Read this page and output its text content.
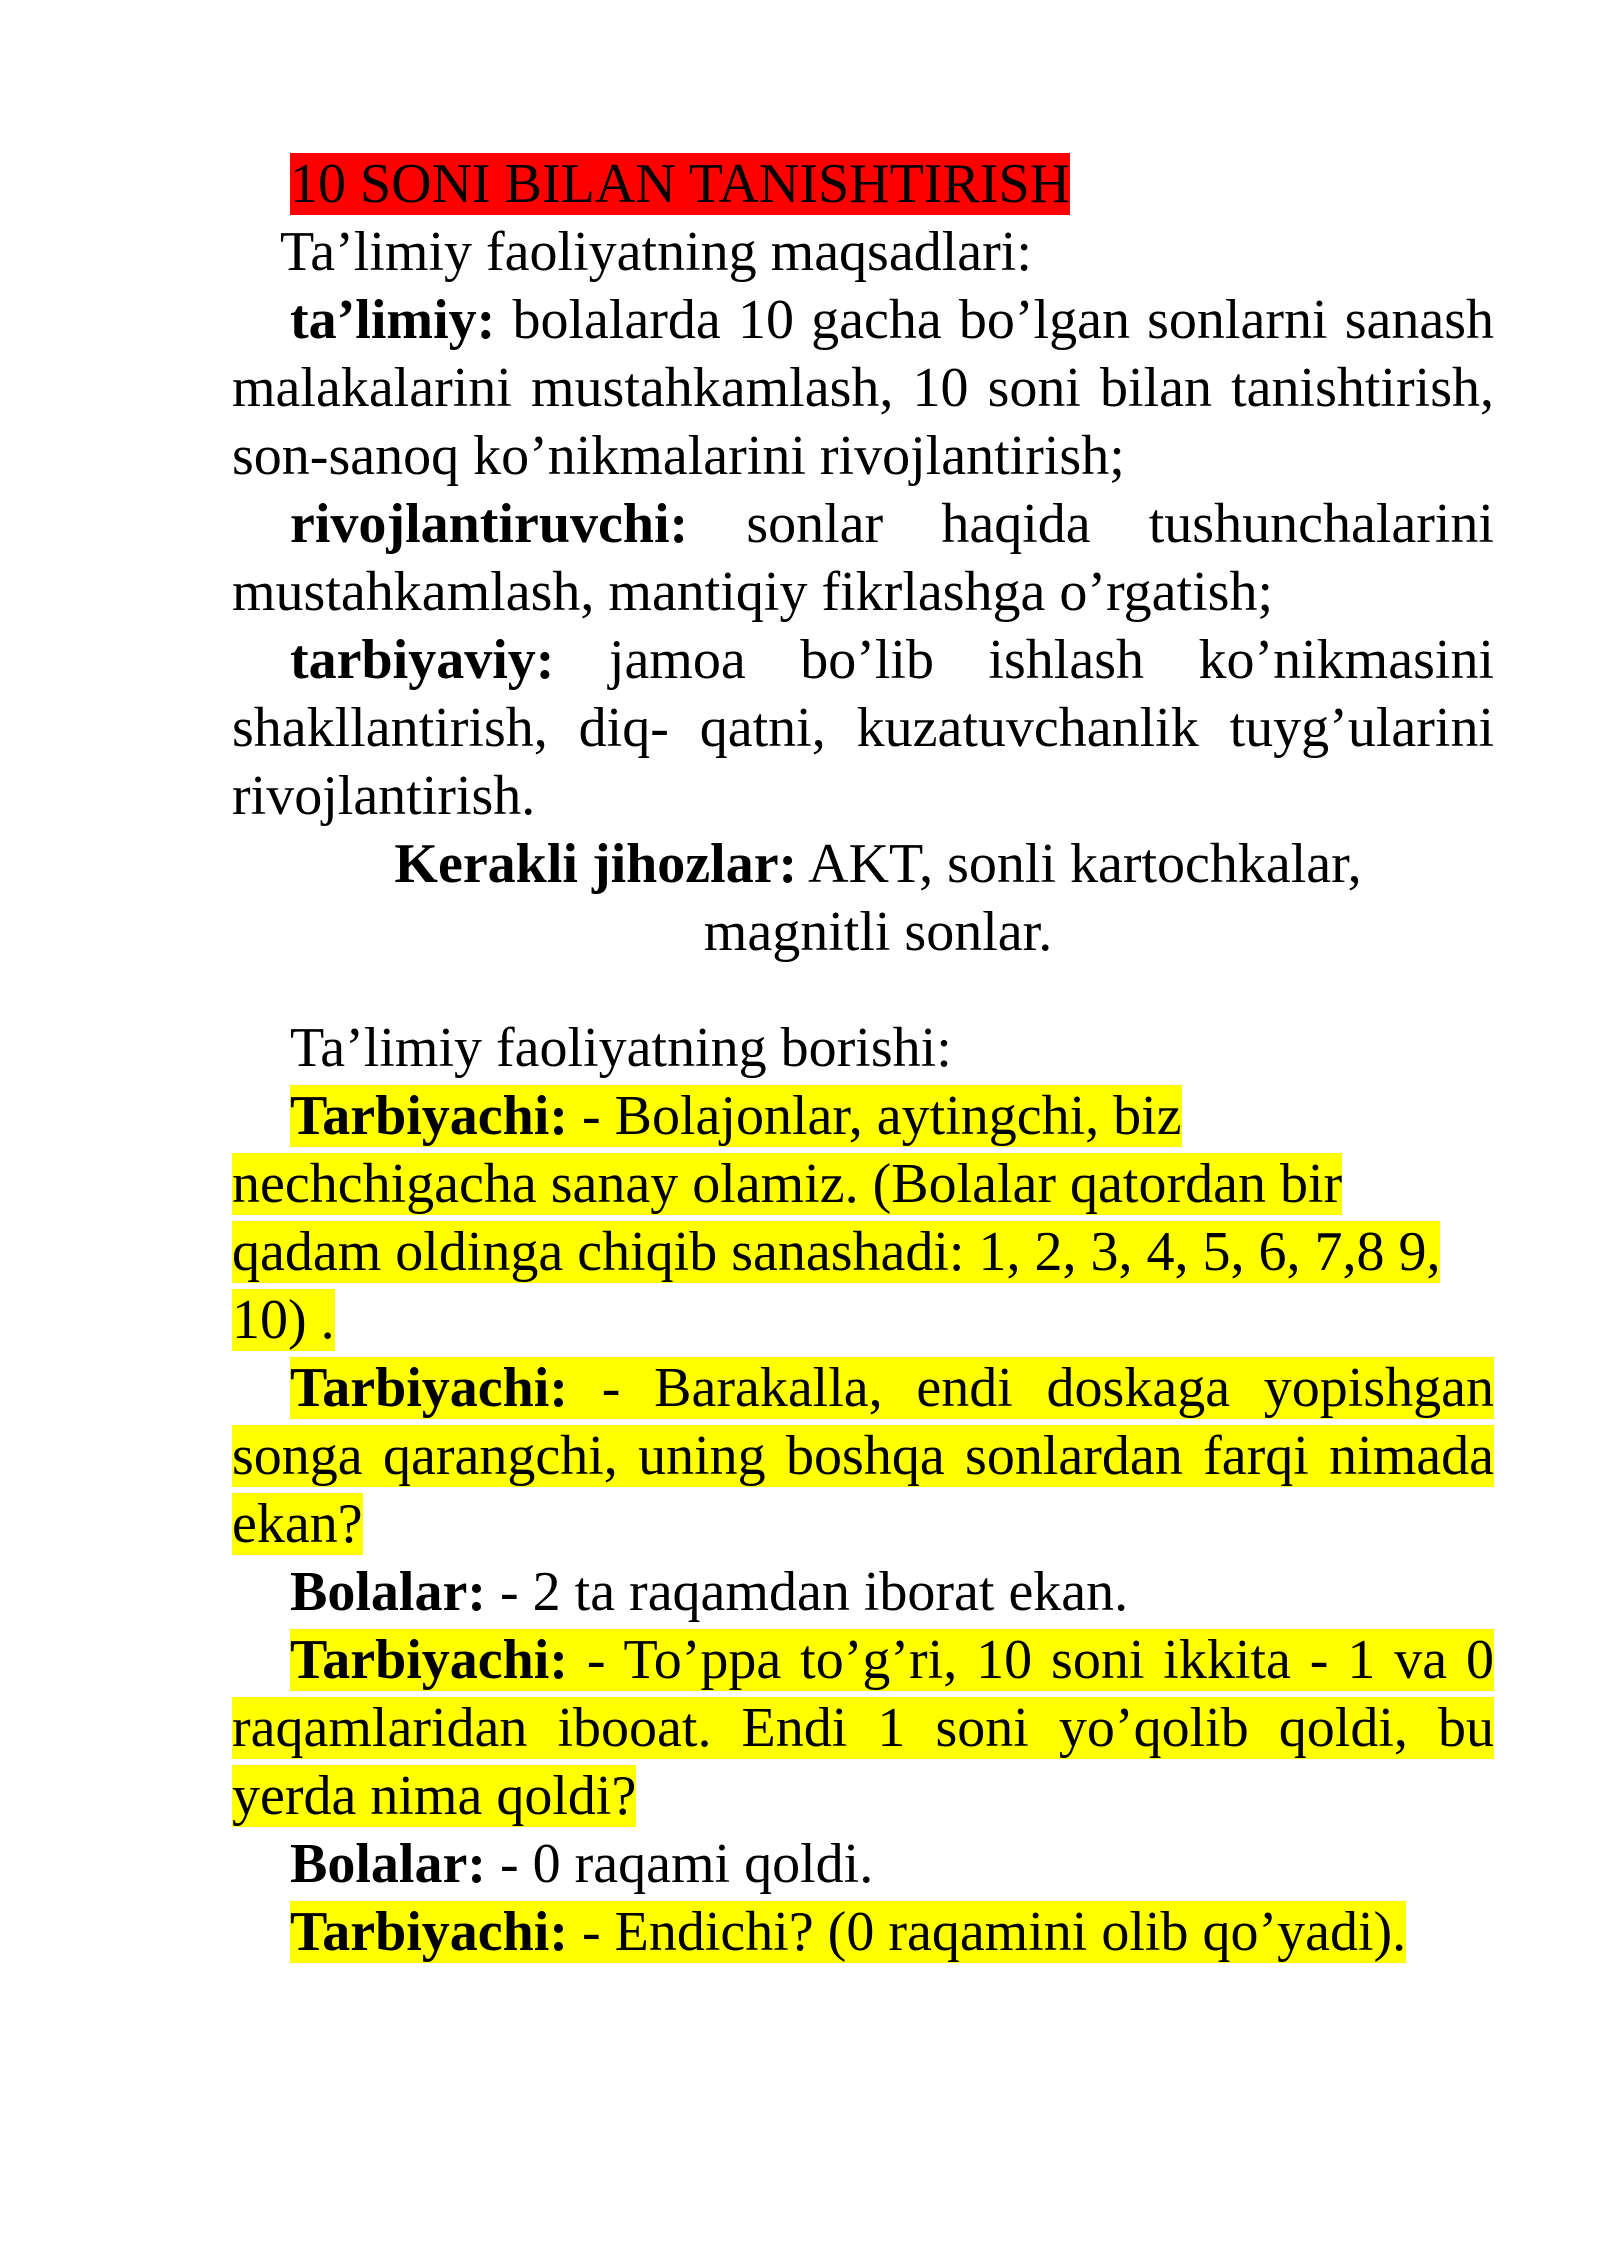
10 SONI BILAN TANISHTIRISH

Ta’limiy faoliyatning maqsadlari:

ta’limiy: bolalarda 10 gacha bo’lgan sonlarni sanash malakalarini mustahkamlash, 10 soni bilan tanishtirish, son-sanoq ko’nikmalarini rivojlantirish;

rivojlantiruvchi: sonlar haqida tushunchalarini mustahkamlash, mantiqiy fikrlashga o’rgatish;

tarbiyaviy: jamoa bo’lib ishlash ko’nikmasini shakllantirish, diq- qatni, kuzatuvchanlik tuyg’ularini rivojlantirish.

Kerakli jihozlar: AKT, sonli kartochkalar, magnitli sonlar.

Ta’limiy faoliyatning borishi:

Tarbiyachi: - Bolajonlar, aytingchi, biz nechchigacha sanay olamiz. (Bolalar qatordan bir qadam oldinga chiqib sanashadi: 1, 2, 3, 4, 5, 6, 7,8 9, 10) .

Tarbiyachi: - Barakalla, endi doskaga yopishgan songa qarangchi, uning boshqa sonlardan farqi nimada ekan?

Bolalar: - 2 ta raqamdan iborat ekan.

Tarbiyachi: - To’ppa to’g’ri, 10 soni ikkita - 1 va 0 raqamlaridan ibooat. Endi 1 soni yo’qolib qoldi, bu yerda nima qoldi?

Bolalar: - 0 raqami qoldi.

Tarbiyachi: - Endichi? (0 raqamini olib qo’yadi).
